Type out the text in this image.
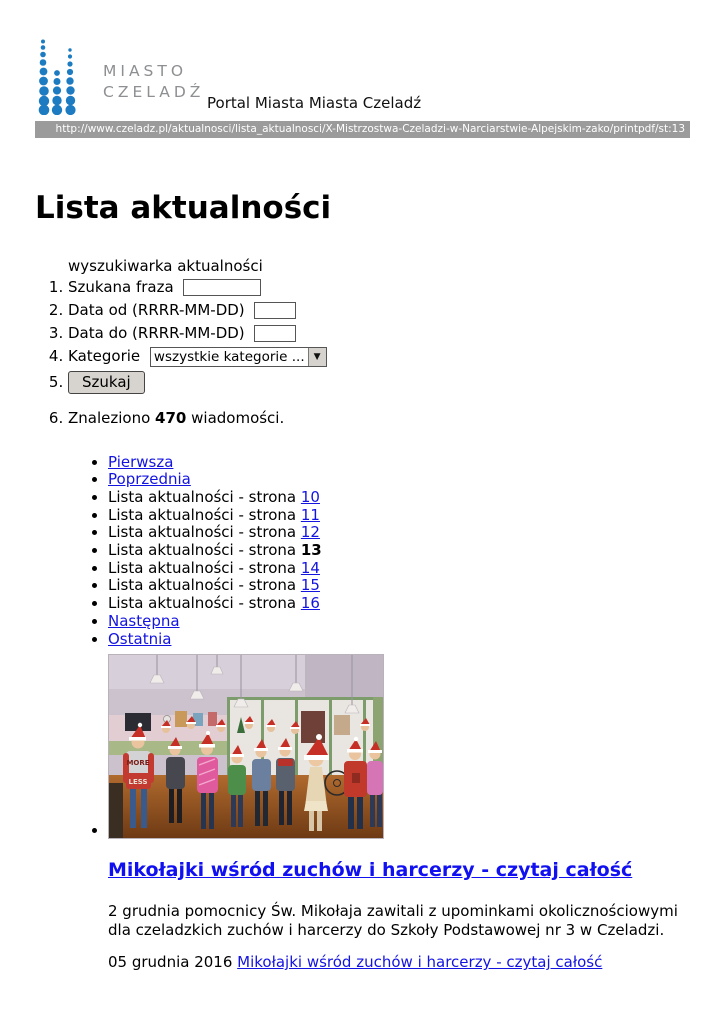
MIASTO
CZELADŹ
Portal Miasta Miasta Czeladź
http://www.czeladz.pl/aktualnosci/lista_aktualnosci/X-Mistrzostwa-Czeladzi-w-Narciarstwie-Alpejskim-zako/printpdf/st:13
Lista aktualności
wyszukiwarka aktualności
1. Szukana fraza
2. Data od (RRRR-MM-DD)
3. Data do (RRRR-MM-DD)
4. Kategorie wszystkie kategorie ...	▼
5. Szukaj
6. Znaleziono 470 wiadomości.
• Pierwsza
• Poprzednia
• Lista aktualności - strona 10
• Lista aktualności - strona 11
• Lista aktualności - strona 12
• Lista aktualności - strona 13
• Lista aktualności - strona 14
• Lista aktualności - strona 15
• Lista aktualności - strona 16
• Następna
• Ostatnia
• MORE
LESS
Mikołajki wśród zuchów i harcerzy - czytaj całość

2 grudnia pomocnicy Św. Mikołaja zawitali z upominkami okolicznościowymi dla czeladzkich zuchów i harcerzy do Szkoły Podstawowej nr 3 w Czeladzi.

05 grudnia 2016 Mikołajki wśród zuchów i harcerzy - czytaj całość
